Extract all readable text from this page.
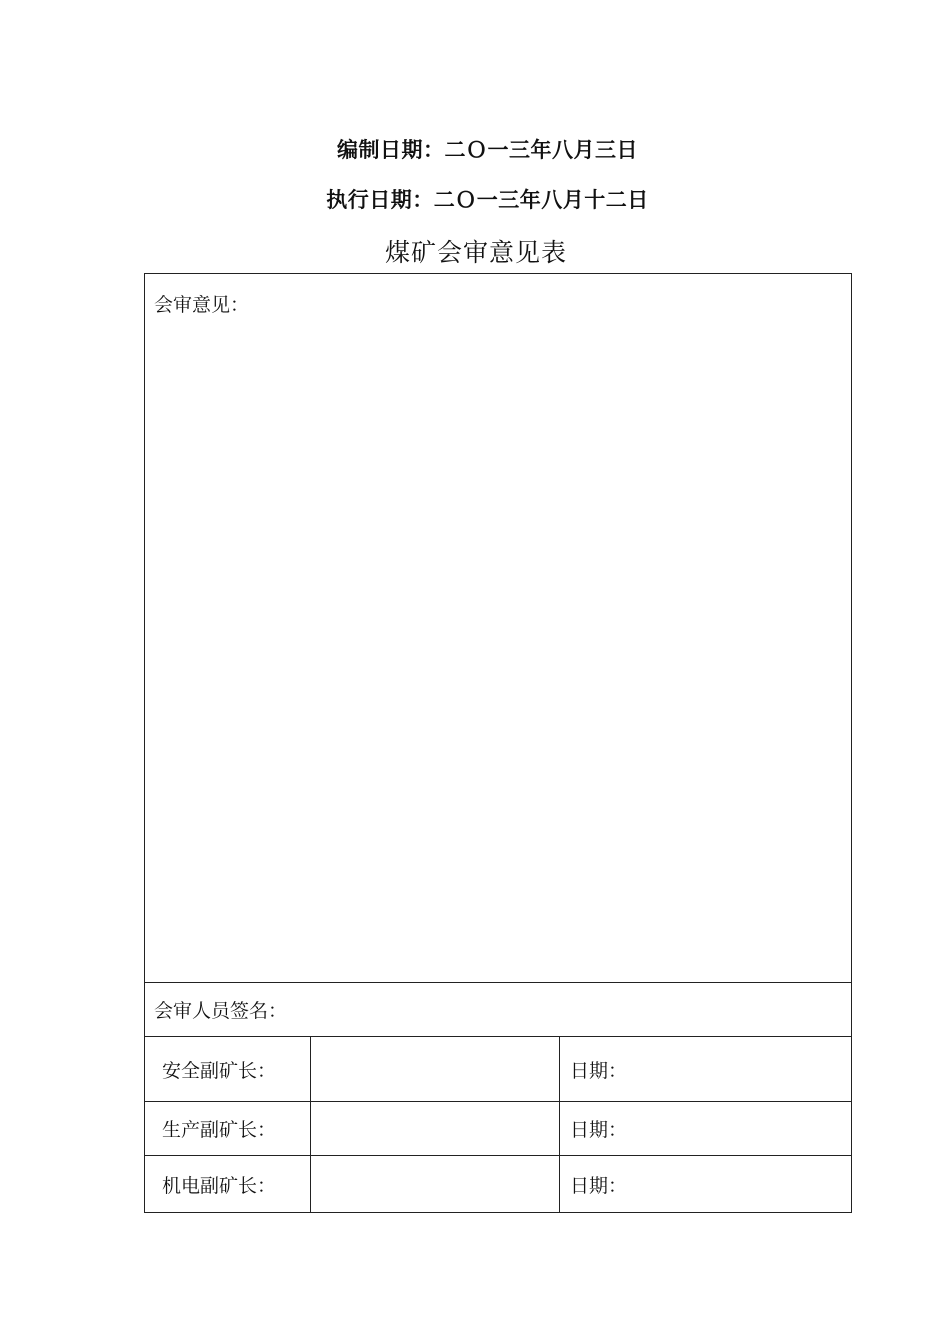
编制日期：二Ｏ一三年八月三日
执行日期：二Ｏ一三年八月十二日
煤矿会审意见表
会审意见：		

会审人员签名：		
安全副矿长：		日期：
生产副矿长：		日期：
机电副矿长：		日期：
